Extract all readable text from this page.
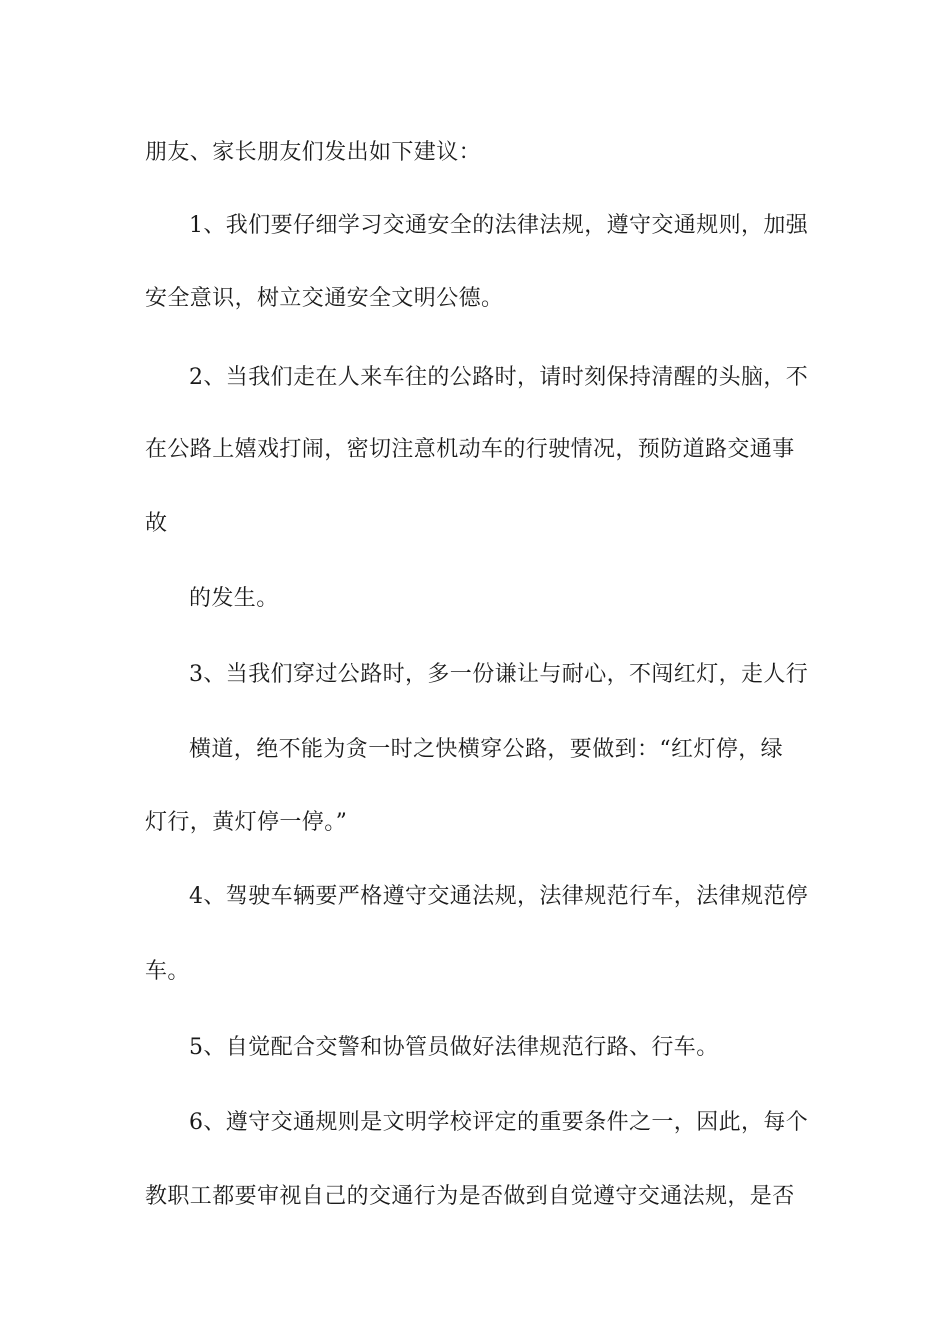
朋友、家长朋友们发出如下建议：
1、我们要仔细学习交通安全的法律法规，遵守交通规则，加强
安全意识，树立交通安全文明公德。
2、当我们走在人来车往的公路时，请时刻保持清醒的头脑，不
在公路上嬉戏打闹，密切注意机动车的行驶情况，预防道路交通事
故
的发生。
3、当我们穿过公路时，多一份谦让与耐心，不闯红灯，走人行
横道，绝不能为贪一时之快横穿公路，要做到：“红灯停，绿
灯行，黄灯停一停。”
4、驾驶车辆要严格遵守交通法规，法律规范行车，法律规范停
车。
5、自觉配合交警和协管员做好法律规范行路、行车。
6、遵守交通规则是文明学校评定的重要条件之一，因此，每个
教职工都要审视自己的交通行为是否做到自觉遵守交通法规，是否
